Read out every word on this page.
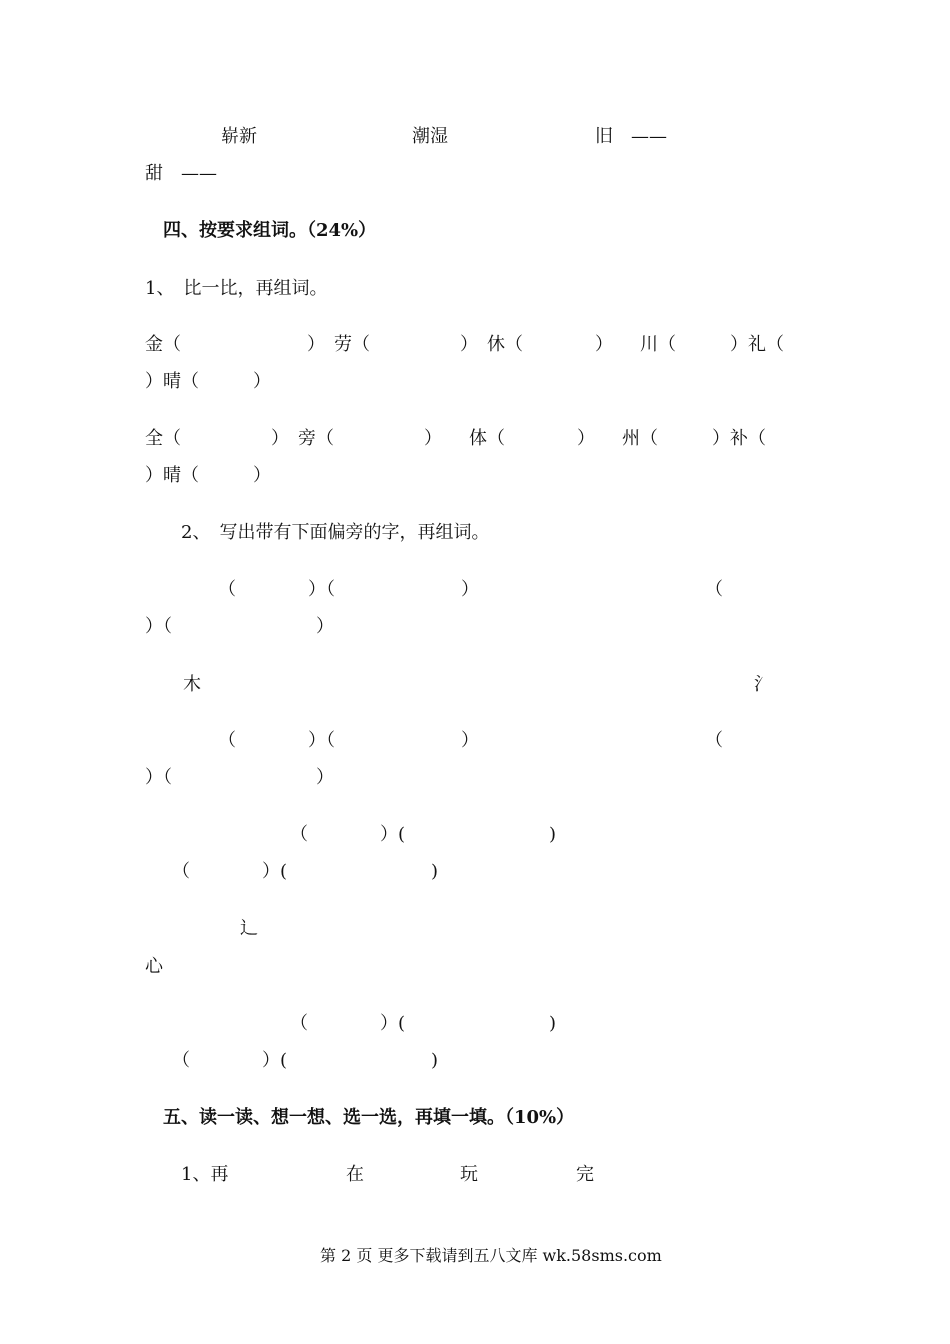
崭新	潮湿	旧　——
甜　——
四、按要求组词。（24%）
1、　比一比，再组词。
金（　　　　　　　）　劳（　　　　　）　休（　　　　）　　川（　　　）礼（
）晴（　　　）
全（　　　　　）　旁（　　　　　）　　体（　　　　）　　州（　　　）补（
）晴（　　　）
2、　写出带有下面偏旁的字，再组词。
（　　　　）（　　　　　　　）	（
）（　　　　　　　　）
木	氵
（　　　　）（　　　　　　　）	（
）（　　　　　　　　）
（　　　　）(　　　　　　　　)
（　　　　）(　　　　　　　　)
辶
心
（　　　　）(　　　　　　　　)
（　　　　）(　　　　　　　　)
五、读一读、想一想、选一选，再填一填。（10%）
1、再	在	玩	完
第 2 页 更多下载请到五八文库 wk.58sms.com
